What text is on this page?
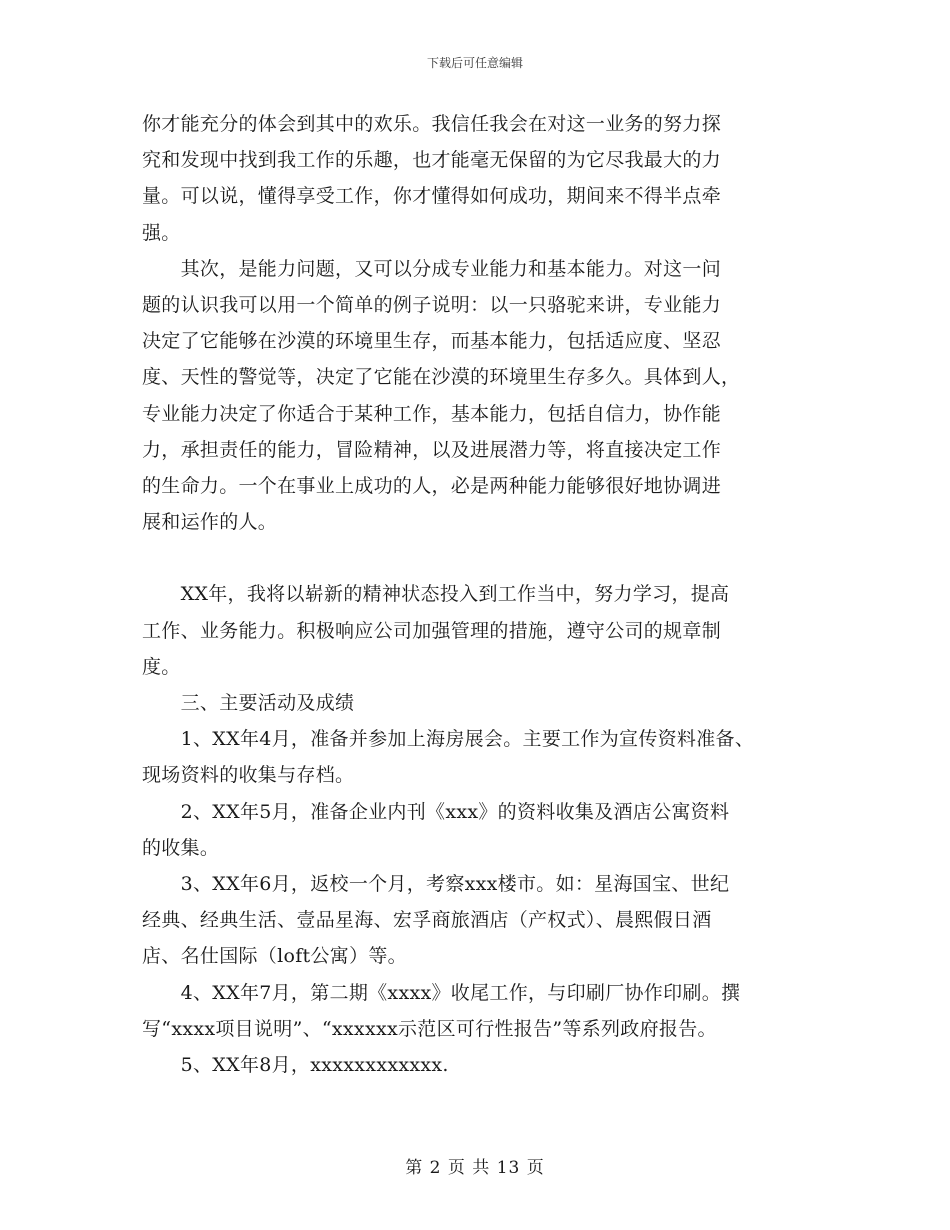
下载后可任意编辑
你才能充分的体会到其中的欢乐。我信任我会在对这一业务的努力探
究和发现中找到我工作的乐趣，也才能毫无保留的为它尽我最大的力
量。可以说，懂得享受工作，你才懂得如何成功，期间来不得半点牵
强。
　　其次，是能力问题，又可以分成专业能力和基本能力。对这一问
题的认识我可以用一个简单的例子说明：以一只骆驼来讲，专业能力
决定了它能够在沙漠的环境里生存，而基本能力，包括适应度、坚忍
度、天性的警觉等，决定了它能在沙漠的环境里生存多久。具体到人，
专业能力决定了你适合于某种工作，基本能力，包括自信力，协作能
力，承担责任的能力，冒险精神，以及进展潜力等，将直接决定工作
的生命力。一个在事业上成功的人，必是两种能力能够很好地协调进
展和运作的人。
　　XX年，我将以崭新的精神状态投入到工作当中，努力学习，提高
工作、业务能力。积极响应公司加强管理的措施，遵守公司的规章制
度。
　　三、主要活动及成绩
　　1、XX年4月，准备并参加上海房展会。主要工作为宣传资料准备、
现场资料的收集与存档。
　　2、XX年5月，准备企业内刊《xxx》的资料收集及酒店公寓资料
的收集。
　　3、XX年6月，返校一个月，考察xxx楼市。如：星海国宝、世纪
经典、经典生活、壹品星海、宏孚商旅酒店（产权式）、晨熙假日酒
店、名仕国际（loft公寓）等。
　　4、XX年7月，第二期《xxxx》收尾工作，与印刷厂协作印刷。撰
写“xxxx项目说明”、“xxxxxx示范区可行性报告”等系列政府报告。
　　5、XX年8月，xxxxxxxxxxxx.
第 2 页 共 13 页
